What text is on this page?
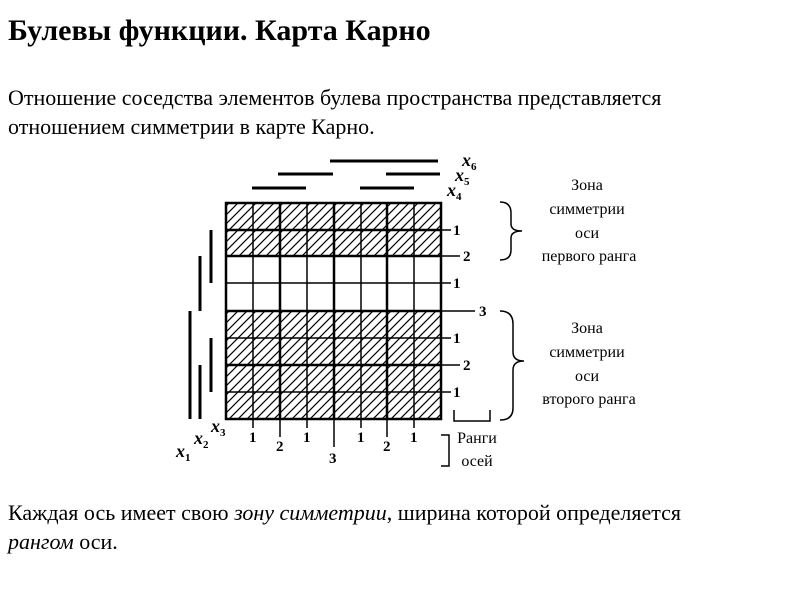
Булевы функции. Карта Карно

Отношение соседства элементов булева пространства представляется отношением симметрии в карте Карно.

$x_6$
$x_5$
$x_4$
$x_3$
$x_2$
$x_1$
1
2
1
3
1
2
1
1
2
1
3
1
2
1
Зона симметрии оси первого ранга
Зона симметрии оси второго ранга
Ранги осей

Каждая ось имеет свою зону симметрии, ширина которой определяется рангом оси.
